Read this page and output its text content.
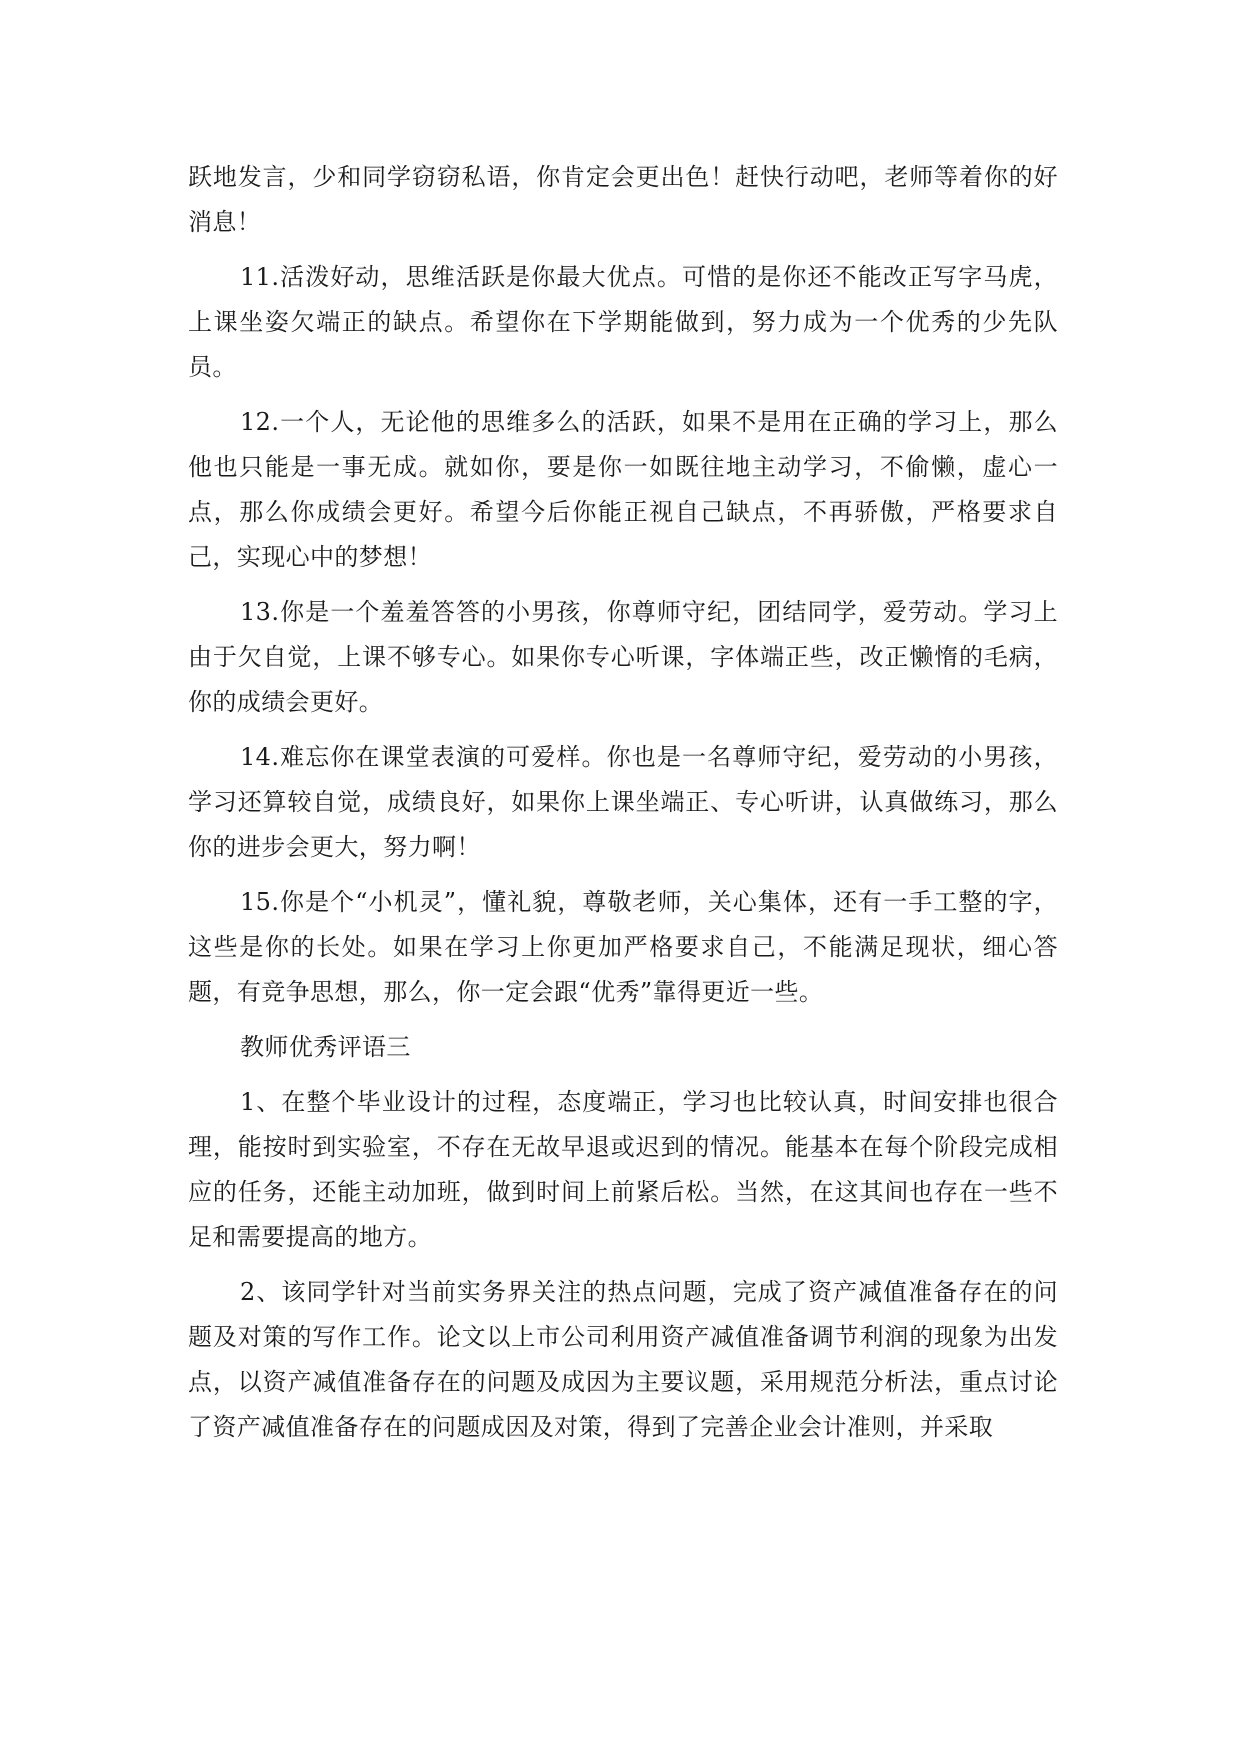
跃地发言，少和同学窃窃私语，你肯定会更出色！赶快行动吧，老师等着你的好消息！

11.活泼好动，思维活跃是你最大优点。可惜的是你还不能改正写字马虎，上课坐姿欠端正的缺点。希望你在下学期能做到，努力成为一个优秀的少先队员。

12.一个人，无论他的思维多么的活跃，如果不是用在正确的学习上，那么他也只能是一事无成。就如你，要是你一如既往地主动学习，不偷懒，虚心一点，那么你成绩会更好。希望今后你能正视自己缺点，不再骄傲，严格要求自己，实现心中的梦想！

13.你是一个羞羞答答的小男孩，你尊师守纪，团结同学，爱劳动。学习上由于欠自觉，上课不够专心。如果你专心听课，字体端正些，改正懒惰的毛病，你的成绩会更好。

14.难忘你在课堂表演的可爱样。你也是一名尊师守纪，爱劳动的小男孩，学习还算较自觉，成绩良好，如果你上课坐端正、专心听讲，认真做练习，那么你的进步会更大，努力啊！

15.你是个“小机灵”，懂礼貌，尊敬老师，关心集体，还有一手工整的字，这些是你的长处。如果在学习上你更加严格要求自己，不能满足现状，细心答题，有竞争思想，那么，你一定会跟“优秀”靠得更近一些。

教师优秀评语三

1、在整个毕业设计的过程，态度端正，学习也比较认真，时间安排也很合理，能按时到实验室，不存在无故早退或迟到的情况。能基本在每个阶段完成相应的任务，还能主动加班，做到时间上前紧后松。当然，在这其间也存在一些不足和需要提高的地方。

2、该同学针对当前实务界关注的热点问题，完成了资产减值准备存在的问题及对策的写作工作。论文以上市公司利用资产减值准备调节利润的现象为出发点，以资产减值准备存在的问题及成因为主要议题，采用规范分析法，重点讨论了资产减值准备存在的问题成因及对策，得到了完善企业会计准则，并采取
